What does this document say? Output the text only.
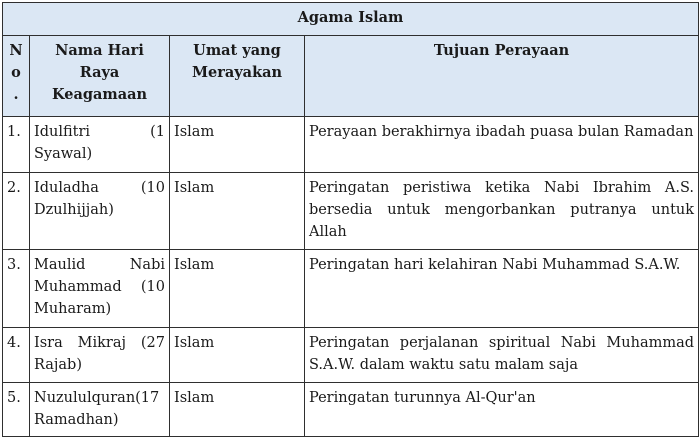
Agama Islam			

N
o
.	Nama Hari Raya Keagamaan	Umat yang Merayakan	Tujuan Perayaan
1.	Idulfitri (1 Syawal)	Islam	Perayaan berakhirnya ibadah puasa bulan Ramadan
2.	Iduladha (10 Dzulhijjah)	Islam	Peringatan peristiwa ketika Nabi Ibrahim A.S. bersedia untuk mengorbankan putranya untuk Allah
3.	Maulid Nabi Muhammad (10 Muharam)	Islam	Peringatan hari kelahiran Nabi Muhammad S.A.W.
4.	Isra Mikraj (27 Rajab)	Islam	Peringatan perjalanan spiritual Nabi Muhammad S.A.W. dalam waktu satu malam saja
5.	Nuzululquran(17 Ramadhan)	Islam	Peringatan turunnya Al-Qur'an
